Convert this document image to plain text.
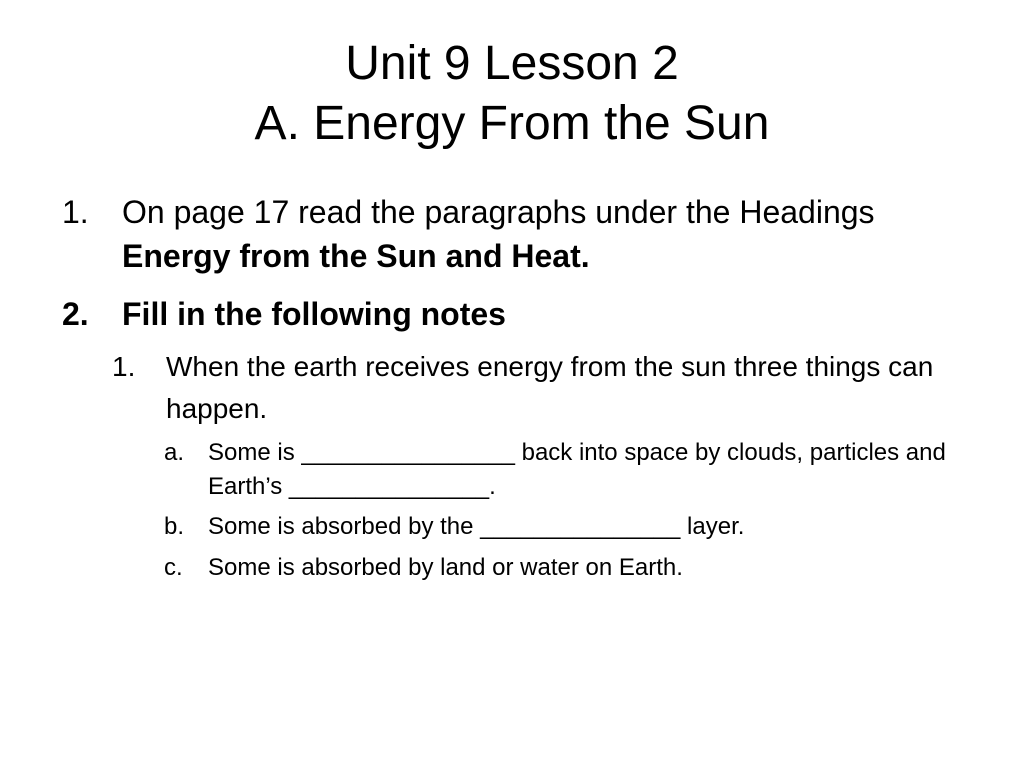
Unit 9 Lesson 2
A. Energy From the Sun
1. On page 17 read the paragraphs under the Headings Energy from the Sun and Heat.
2. Fill in the following notes
1. When the earth receives energy from the sun three things can happen.
a. Some is ________________ back into space by clouds, particles and Earth’s _______________.
b. Some is absorbed by the _______________ layer.
c. Some is absorbed by land or water on Earth.
